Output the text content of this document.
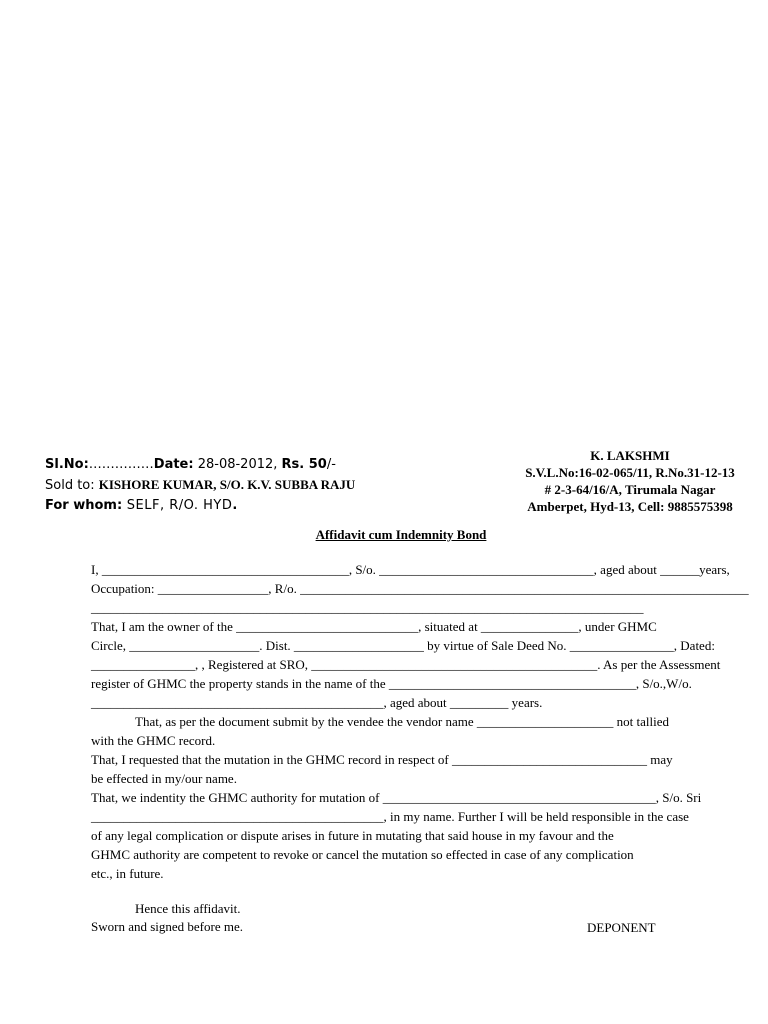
Sl.No:……………Date: 28-08-2012, Rs. 50/-
Sold to: KISHORE KUMAR, S/O. K.V. SUBBA RAJU
For whom: SELF, R/O. HYD.
K. LAKSHMI
S.V.L.No:16-02-065/11, R.No.31-12-13
# 2-3-64/16/A, Tirumala Nagar
Amberpet, Hyd-13, Cell: 9885575398
Affidavit cum Indemnity Bond
I, ______________________________________, S/o. _________________________________, aged about ______years,
Occupation: _________________, R/o. _____________________________________________________________________
_____________________________________________________________________________________
That, I am the owner of the ____________________________, situated at _______________, under GHMC
Circle, ____________________. Dist. ____________________ by virtue of Sale Deed No. ________________, Dated:
________________, , Registered at SRO, ____________________________________________. As per the Assessment
register of GHMC the property stands in the name of the ______________________________________, S/o.,W/o.
_____________________________________________, aged about _________ years.
That, as per the document submit by the vendee the vendor name _____________________ not tallied
with the GHMC record.
That, I requested that the mutation in the GHMC record in respect of ______________________________ may
be effected in my/our name.
That, we indentity the GHMC authority for mutation of __________________________________________, S/o. Sri
_____________________________________________, in my name. Further I will be held responsible in the case
of any legal complication or dispute arises in future in mutating that said house in my favour and the
GHMC authority are competent to revoke or cancel the mutation so effected in case of any complication
etc., in future.
Hence this affidavit.
Sworn and signed before me.	DEPONENT
